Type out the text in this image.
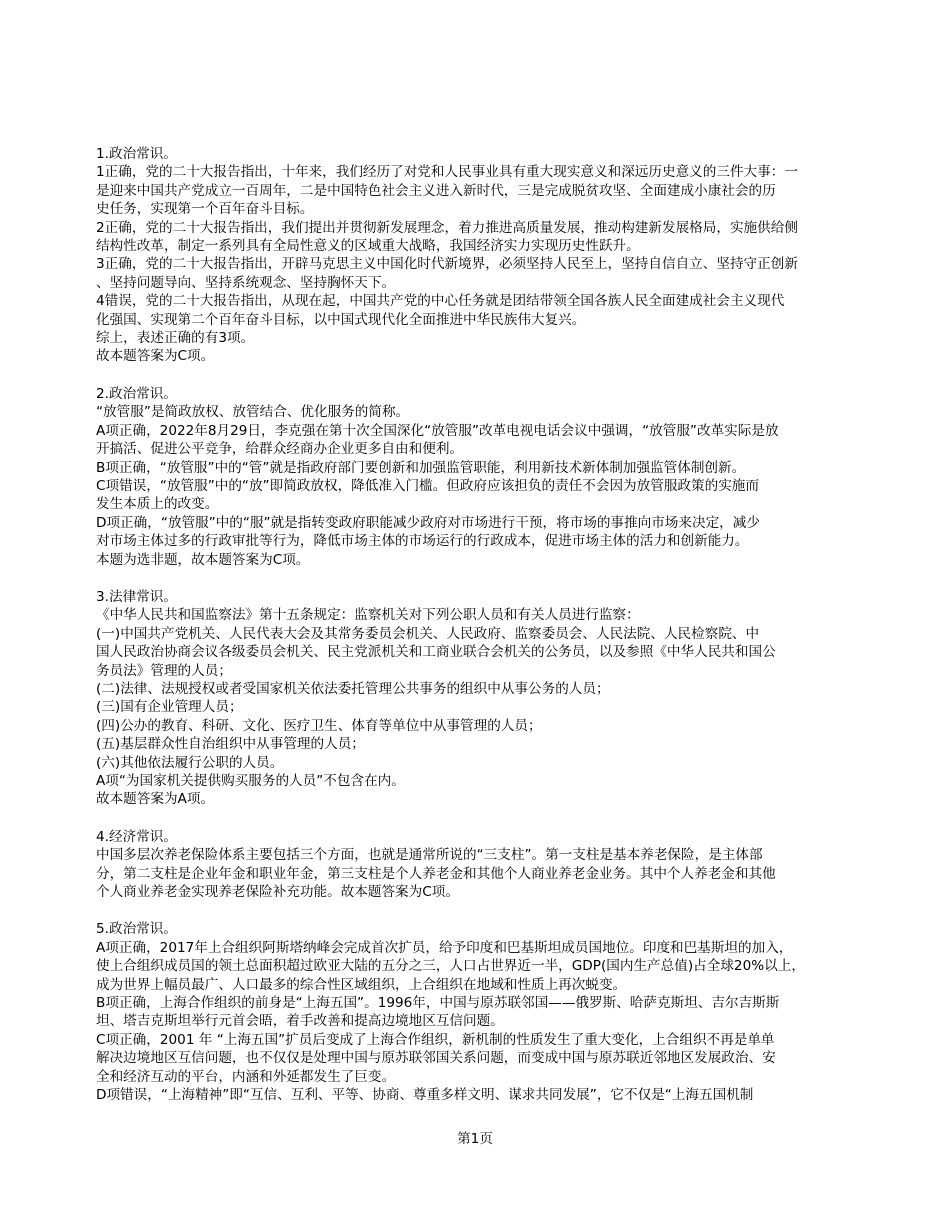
1.政治常识。
1正确，党的二十大报告指出，十年来，我们经历了对党和人民事业具有重大现实意义和深远历史意义的三件大事：一
是迎来中国共产党成立一百周年，二是中国特色社会主义进入新时代，三是完成脱贫攻坚、全面建成小康社会的历
史任务，实现第一个百年奋斗目标。
2正确，党的二十大报告指出，我们提出并贯彻新发展理念，着力推进高质量发展，推动构建新发展格局，实施供给侧
结构性改革，制定一系列具有全局性意义的区域重大战略，我国经济实力实现历史性跃升。
3正确，党的二十大报告指出，开辟马克思主义中国化时代新境界，必须坚持人民至上，坚持自信自立、坚持守正创新
、坚持问题导向、坚持系统观念、坚持胸怀天下。
4错误，党的二十大报告指出，从现在起，中国共产党的中心任务就是团结带领全国各族人民全面建成社会主义现代
化强国、实现第二个百年奋斗目标，以中国式现代化全面推进中华民族伟大复兴。
综上，表述正确的有3项。
故本题答案为C项。
2.政治常识。
“放管服”是简政放权、放管结合、优化服务的简称。
A项正确，2022年8月29日，李克强在第十次全国深化“放管服”改革电视电话会议中强调，“放管服”改革实际是放
开搞活、促进公平竞争，给群众经商办企业更多自由和便利。
B项正确，“放管服”中的“管”就是指政府部门要创新和加强监管职能，利用新技术新体制加强监管体制创新。
C项错误，“放管服”中的“放”即简政放权，降低准入门槛。但政府应该担负的责任不会因为放管服政策的实施而
发生本质上的改变。
D项正确，“放管服”中的“服”就是指转变政府职能减少政府对市场进行干预，将市场的事推向市场来决定，减少
对市场主体过多的行政审批等行为，降低市场主体的市场运行的行政成本，促进市场主体的活力和创新能力。
本题为选非题，故本题答案为C项。
3.法律常识。
《中华人民共和国监察法》第十五条规定：监察机关对下列公职人员和有关人员进行监察：
(一)中国共产党机关、人民代表大会及其常务委员会机关、人民政府、监察委员会、人民法院、人民检察院、中
国人民政治协商会议各级委员会机关、民主党派机关和工商业联合会机关的公务员，以及参照《中华人民共和国公
务员法》管理的人员；
(二)法律、法规授权或者受国家机关依法委托管理公共事务的组织中从事公务的人员；
(三)国有企业管理人员；
(四)公办的教育、科研、文化、医疗卫生、体育等单位中从事管理的人员；
(五)基层群众性自治组织中从事管理的人员；
(六)其他依法履行公职的人员。
A项“为国家机关提供购买服务的人员”不包含在内。
故本题答案为A项。
4.经济常识。
中国多层次养老保险体系主要包括三个方面，也就是通常所说的“三支柱”。第一支柱是基本养老保险，是主体部
分，第二支柱是企业年金和职业年金，第三支柱是个人养老金和其他个人商业养老金业务。其中个人养老金和其他
个人商业养老金实现养老保险补充功能。故本题答案为C项。
5.政治常识。
A项正确，2017年上合组织阿斯塔纳峰会完成首次扩员，给予印度和巴基斯坦成员国地位。印度和巴基斯坦的加入，
使上合组织成员国的领土总面积超过欧亚大陆的五分之三，人口占世界近一半，GDP(国内生产总值)占全球20%以上，
成为世界上幅员最广、人口最多的综合性区域组织，上合组织在地域和性质上再次蜕变。
B项正确，上海合作组织的前身是“上海五国”。1996年，中国与原苏联邻国——俄罗斯、哈萨克斯坦、吉尔吉斯斯
坦、塔吉克斯坦举行元首会晤，着手改善和提高边境地区互信问题。
C项正确，2001 年 “上海五国”扩员后变成了上海合作组织，新机制的性质发生了重大变化，上合组织不再是单单
解决边境地区互信问题，也不仅仅是处理中国与原苏联邻国关系问题，而变成中国与原苏联近邻地区发展政治、安
全和经济互动的平台，内涵和外延都发生了巨变。
D项错误，“上海精神”即“互信、互利、平等、协商、尊重多样文明、谋求共同发展”，它不仅是“上海五国机制
第1页
